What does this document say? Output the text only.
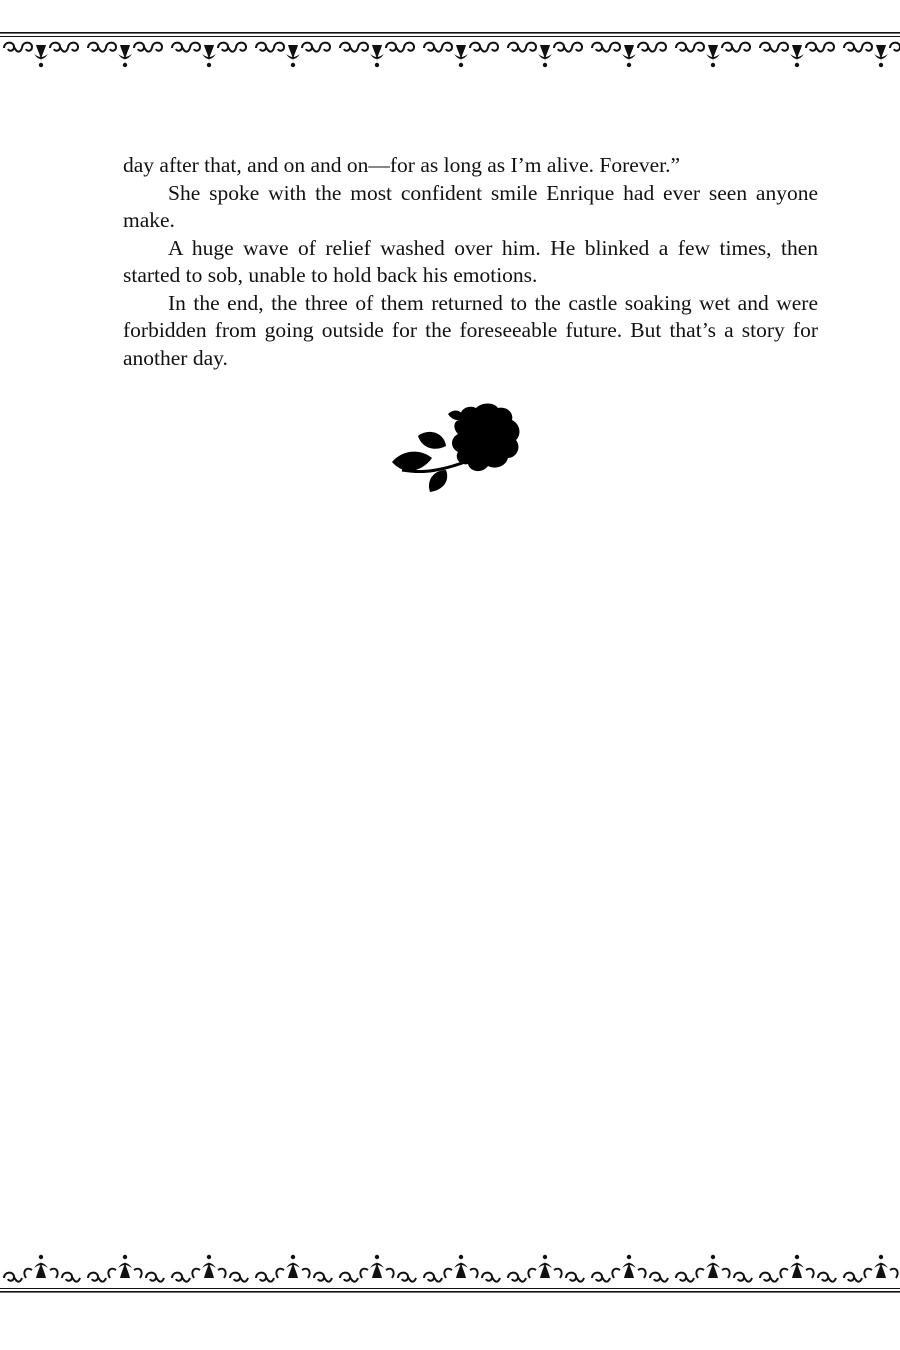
day after that, and on and on—for as long as I’m alive. Forever.”

She spoke with the most confident smile Enrique had ever seen anyone make.

A huge wave of relief washed over him. He blinked a few times, then started to sob, unable to hold back his emotions.

In the end, the three of them returned to the castle soaking wet and were forbidden from going outside for the foreseeable future. But that’s a story for another day.
